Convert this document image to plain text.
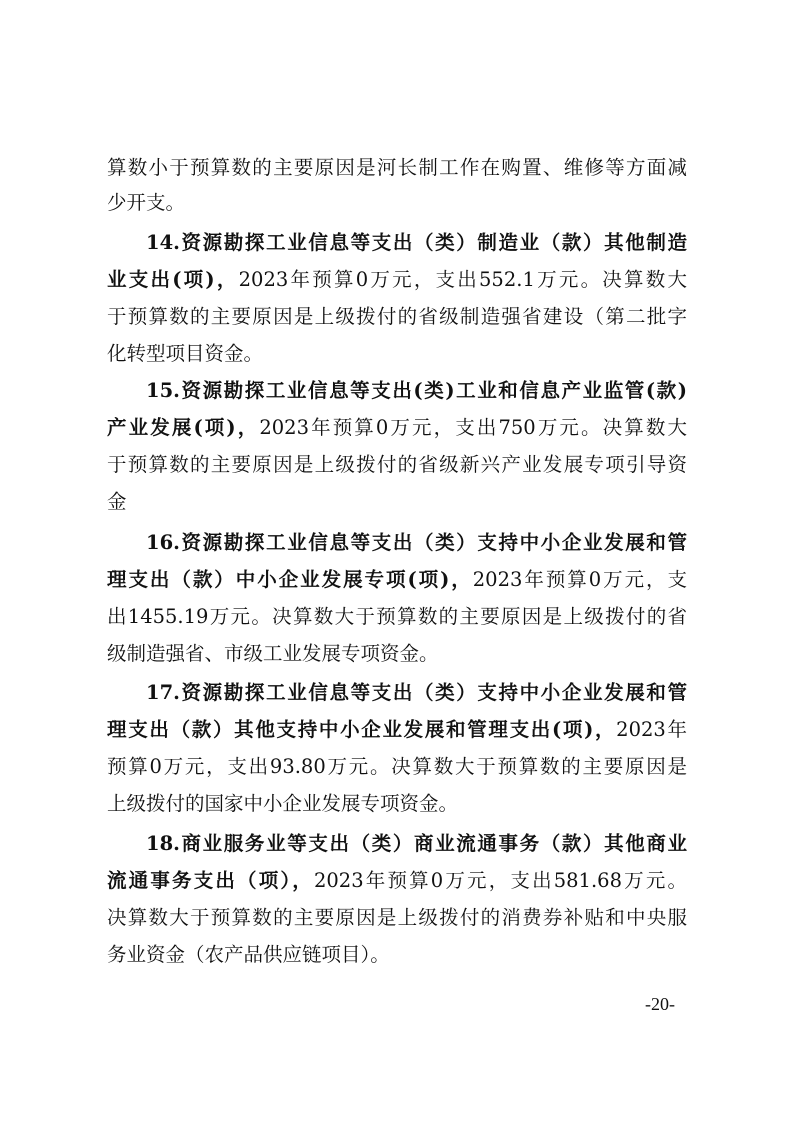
算数小于预算数的主要原因是河长制工作在购置、维修等方面减
少开支。
14.资源勘探工业信息等支出（类）制造业（款）其他制造
业支出(项)，2023年预算0万元，支出552.1万元。决算数大
于预算数的主要原因是上级拨付的省级制造强省建设（第二批字
化转型项目资金。
15.资源勘探工业信息等支出(类)工业和信息产业监管(款)
产业发展(项)，2023年预算0万元，支出750万元。决算数大
于预算数的主要原因是上级拨付的省级新兴产业发展专项引导资
金
16.资源勘探工业信息等支出（类）支持中小企业发展和管
理支出（款）中小企业发展专项(项)，2023年预算0万元，支
出1455.19万元。决算数大于预算数的主要原因是上级拨付的省
级制造强省、市级工业发展专项资金。
17.资源勘探工业信息等支出（类）支持中小企业发展和管
理支出（款）其他支持中小企业发展和管理支出(项)，2023年
预算0万元，支出93.80万元。决算数大于预算数的主要原因是
上级拨付的国家中小企业发展专项资金。
18.商业服务业等支出（类）商业流通事务（款）其他商业
流通事务支出（项），2023年预算0万元，支出581.68万元。
决算数大于预算数的主要原因是上级拨付的消费券补贴和中央服
务业资金（农产品供应链项目）。
-20-
